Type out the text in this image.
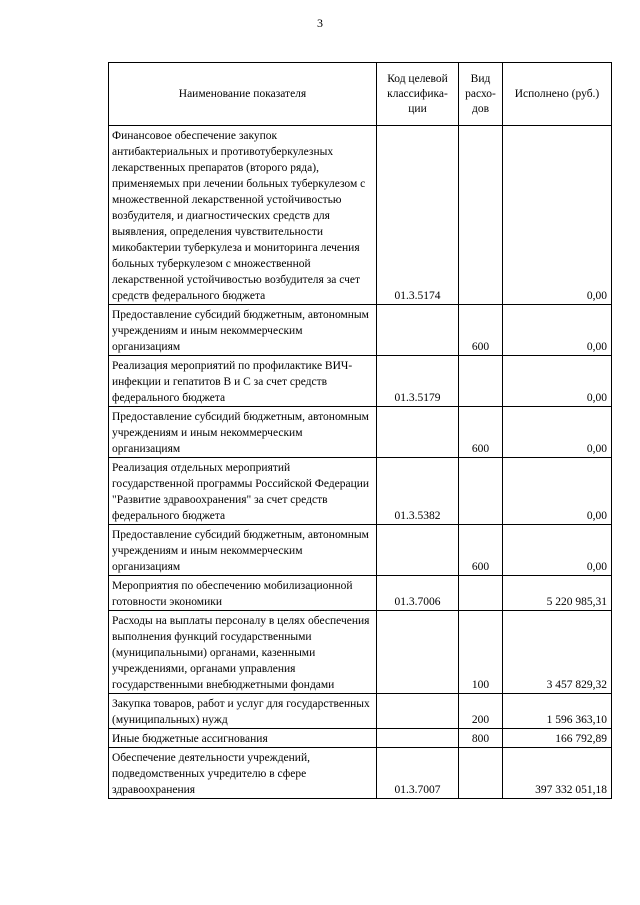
3
Наименование показателя	Код целевой классифика-ции	Вид расхо-дов	Исполнено (руб.)
Финансовое обеспечение закупок антибактериальных и противотуберкулезных лекарственных препаратов (второго ряда), применяемых при лечении больных туберкулезом с множественной лекарственной устойчивостью возбудителя, и диагностических средств для выявления, определения чувствительности микобактерии туберкулеза и мониторинга лечения больных туберкулезом с множественной лекарственной устойчивостью возбудителя за счет средств федерального бюджета	01.3.5174		0,00
Предоставление субсидий бюджетным, автономным учреждениям и иным некоммерческим организациям		600	0,00
Реализация мероприятий по профилактике ВИЧ-инфекции и гепатитов B и C за счет средств федерального бюджета	01.3.5179		0,00
Предоставление субсидий бюджетным, автономным учреждениям и иным некоммерческим организациям		600	0,00
Реализация отдельных мероприятий государственной программы Российской Федерации "Развитие здравоохранения" за счет средств федерального бюджета	01.3.5382		0,00
Предоставление субсидий бюджетным, автономным учреждениям и иным некоммерческим организациям		600	0,00
Мероприятия по обеспечению мобилизационной готовности экономики	01.3.7006		5 220 985,31
Расходы на выплаты персоналу в целях обеспечения выполнения функций государственными (муниципальными) органами, казенными учреждениями, органами управления государственными внебюджетными фондами		100	3 457 829,32
Закупка товаров, работ и услуг для государственных (муниципальных) нужд		200	1 596 363,10
Иные бюджетные ассигнования		800	166 792,89
Обеспечение деятельности учреждений, подведомственных учредителю в сфере здравоохранения	01.3.7007		397 332 051,18
